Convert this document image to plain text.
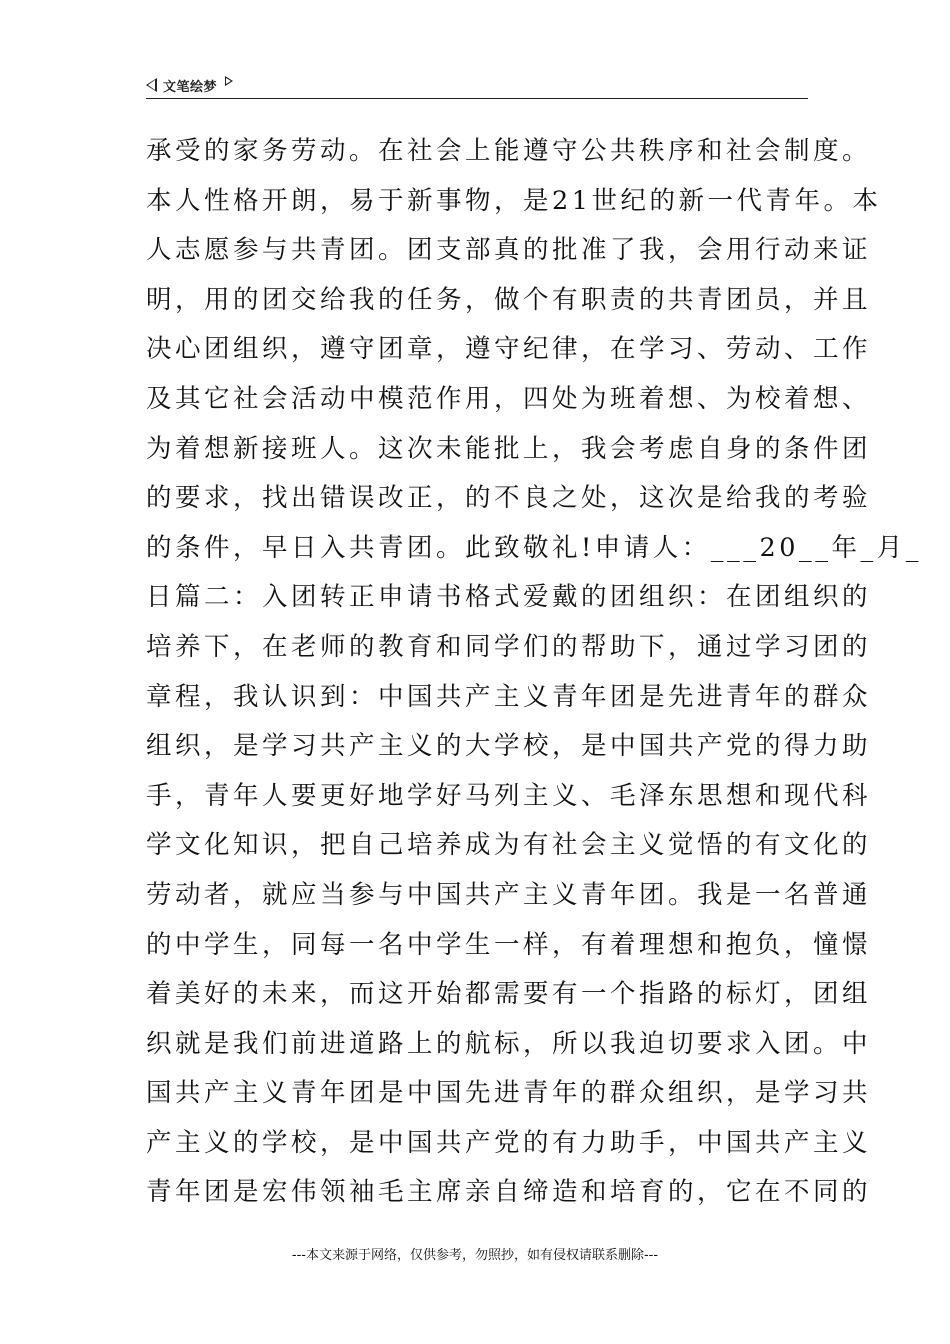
文笔绘梦
承受的家务劳动。在社会上能遵守公共秩序和社会制度。
本人性格开朗，易于新事物，是21世纪的新一代青年。本
人志愿参与共青团。团支部真的批准了我，会用行动来证
明，用的团交给我的任务，做个有职责的共青团员，并且
决心团组织，遵守团章，遵守纪律，在学习、劳动、工作
及其它社会活动中模范作用，四处为班着想、为校着想、
为着想新接班人。这次未能批上，我会考虑自身的条件团
的要求，找出错误改正，的不良之处，这次是给我的考验
的条件，早日入共青团。此致敬礼!申请人：___20__年_月_
日篇二：入团转正申请书格式爱戴的团组织：在团组织的
培养下，在老师的教育和同学们的帮助下，通过学习团的
章程，我认识到：中国共产主义青年团是先进青年的群众
组织，是学习共产主义的大学校，是中国共产党的得力助
手，青年人要更好地学好马列主义、毛泽东思想和现代科
学文化知识，把自己培养成为有社会主义觉悟的有文化的
劳动者，就应当参与中国共产主义青年团。我是一名普通
的中学生，同每一名中学生一样，有着理想和抱负，憧憬
着美好的未来，而这开始都需要有一个指路的标灯，团组
织就是我们前进道路上的航标，所以我迫切要求入团。中
国共产主义青年团是中国先进青年的群众组织，是学习共
产主义的学校，是中国共产党的有力助手，中国共产主义
青年团是宏伟领袖毛主席亲自缔造和培育的，它在不同的
---本文来源于网络，仅供参考，勿照抄，如有侵权请联系删除---
